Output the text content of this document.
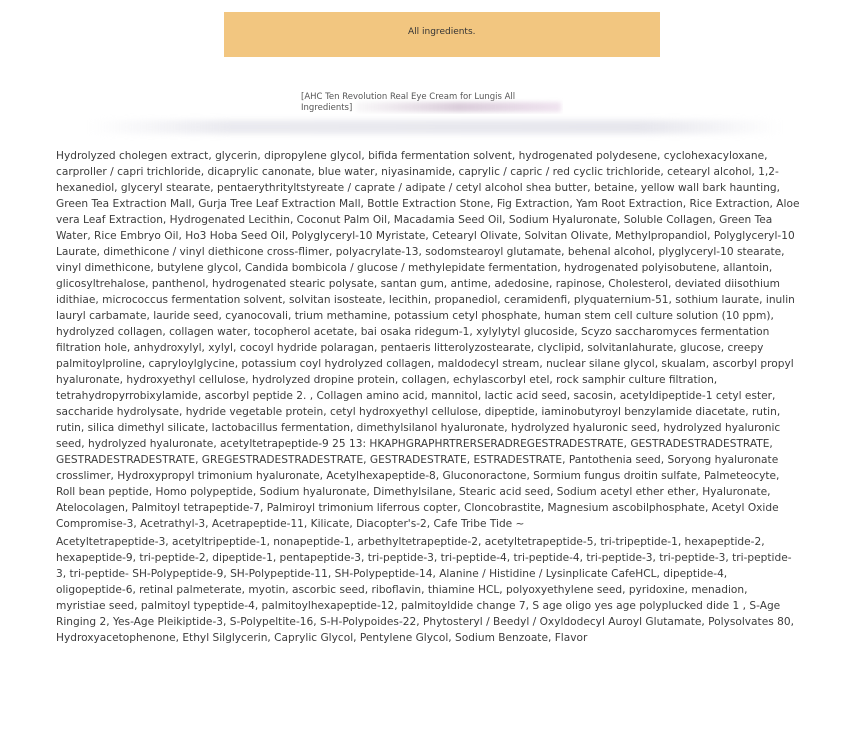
All ingredients.
[AHC Ten Revolution Real Eye Cream for Lungis All Ingredients]

Hydrolyzed cholegen extract, glycerin, dipropylene glycol, bifida fermentation solvent, hydrogenated polydesene, cyclohexacyloxane, carproller / capri trichloride, dicaprylic canonate, blue water, niyasinamide, caprylic / capric / red cyclic trichloride, cetearyl alcohol, 1,2-hexanediol, glyceryl stearate, pentaerythrityltstyreate / caprate / adipate / cetyl alcohol shea butter, betaine, yellow wall bark haunting, Green Tea Extraction Mall, Gurja Tree Leaf Extraction Mall, Bottle Extraction Stone, Fig Extraction, Yam Root Extraction, Rice Extraction, Aloe vera Leaf Extraction, Hydrogenated Lecithin, Coconut Palm Oil, Macadamia Seed Oil, Sodium Hyaluronate, Soluble Collagen, Green Tea Water, Rice Embryo Oil, Ho3 Hoba Seed Oil, Polyglyceryl-10 Myristate, Cetearyl Olivate, Solvitan Olivate, Methylpropandiol, Polyglyceryl-10 Laurate, dimethicone / vinyl diethicone cross-flimer, polyacrylate-13, sodomstearoyl glutamate, behenal alcohol, plyglyceryl-10 stearate, vinyl dimethicone, butylene glycol, Candida bombicola / glucose / methylepidate fermentation, hydrogenated polyisobutene, allantoin, glicosyltrehalose, panthenol, hydrogenated stearic polysate, santan gum, antime, adedosine, rapinose, Cholesterol, deviated diisothium idithiae, micrococcus fermentation solvent, solvitan isosteate, lecithin, propanediol, ceramidenfi, plyquaternium-51, sothium laurate, inulin lauryl carbamate, lauride seed, cyanocovali, trium methamine, potassium cetyl phosphate, human stem cell culture solution (10 ppm), hydrolyzed collagen, collagen water, tocopherol acetate, bai osaka ridegum-1, xylylytyl glucoside, Scyzo saccharomyces fermentation filtration hole, anhydroxylyl, xylyl, cocoyl hydride polaragan, pentaeris litterolyzostearate, clyclipid, solvitanlahurate, glucose, creepy palmitoylproline, capryloylglycine, potassium coyl hydrolyzed collagen, maldodecyl stream, nuclear silane glycol, skualam, ascorbyl propyl hyaluronate, hydroxyethyl cellulose, hydrolyzed dropine protein, collagen, echylascorbyl etel, rock samphir culture filtration, tetrahydropyrrobixylamide, ascorbyl peptide 2. , Collagen amino acid, mannitol, lactic acid seed, sacosin, acetyldipeptide-1 cetyl ester, saccharide hydrolysate, hydride vegetable protein, cetyl hydroxyethyl cellulose, dipeptide, iaminobutyroyl benzylamide diacetate, rutin, rutin, silica dimethyl silicate, lactobacillus fermentation, dimethylsilanol hyaluronate, hydrolyzed hyaluronic seed, hydrolyzed hyaluronic seed, hydrolyzed hyaluronate, acetyltetrapeptide-9 25 13: HKAPHGRAPHRTRERSERADREGESTRADESTRATE, GESTRADESTRADESTRATE, GESTRADESTRADESTRATE, GREGESTRADESTRADESTRATE, GESTRADESTRATE, ESTRADESTRATE, Pantothenia seed, Soryong hyaluronate crosslimer, Hydroxypropyl trimonium hyaluronate, Acetylhexapeptide-8, Gluconoractone, Sormium fungus droitin sulfate, Palmeteocyte, Roll bean peptide, Homo polypeptide, Sodium hyaluronate, Dimethylsilane, Stearic acid seed, Sodium acetyl ether ether, Hyaluronate, Atelocolagen, Palmitoyl tetrapeptide-7, Palmiroyl trimonium liferrous copter, Cloncobrastite, Magnesium ascobilphosphate, Acetyl Oxide Compromise-3, Acetrathyl-3, Acetrapeptide-11, Kilicate, Diacopter's-2, Cafe Tribe Tide ~

Acetyltetrapeptide-3, acetyltripeptide-1, nonapeptide-1, arbethyltetrapeptide-2, acetyltetrapeptide-5, tri-tripeptide-1, hexapeptide-2, hexapeptide-9, tri-peptide-2, dipeptide-1, pentapeptide-3, tri-peptide-3, tri-peptide-4, tri-peptide-4, tri-peptide-3, tri-peptide-3, tri-peptide-3, tri-peptide- SH-Polypeptide-9, SH-Polypeptide-11, SH-Polypeptide-14, Alanine / Histidine / Lysinplicate CafeHCL, dipeptide-4, oligopeptide-6, retinal palmeterate, myotin, ascorbic seed, riboflavin, thiamine HCL, polyoxyethylene seed, pyridoxine, menadion, myristiae seed, palmitoyl typeptide-4, palmitoylhexapeptide-12, palmitoyldide change 7, S age oligo yes age polyplucked dide 1 , S-Age Ringing 2, Yes-Age Pleikiptide-3, S-Polypeltite-16, S-H-Polypoides-22, Phytosteryl / Beedyl / Oxyldodecyl Auroyl Glutamate, Polysolvates 80, Hydroxyacetophenone, Ethyl Silglycerin, Caprylic Glycol, Pentylene Glycol, Sodium Benzoate, Flavor
